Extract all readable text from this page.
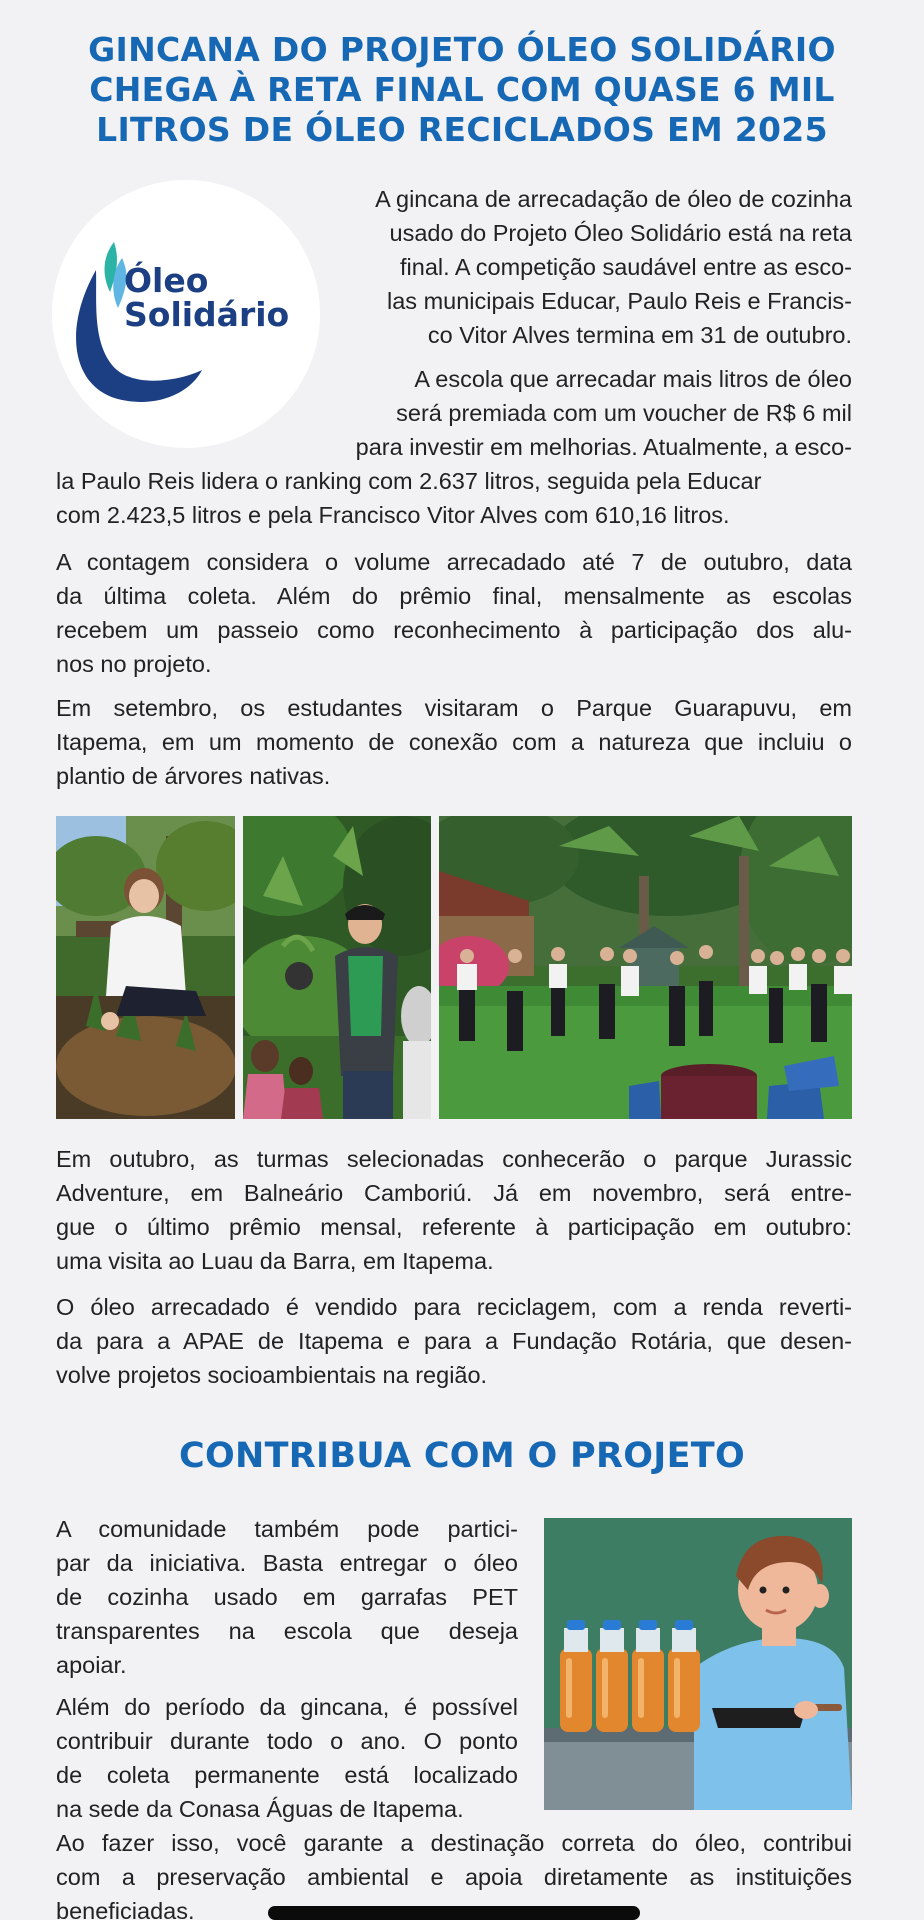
GINCANA DO PROJETO ÓLEO SOLIDÁRIO
CHEGA À RETA FINAL COM QUASE 6 MIL
LITROS DE ÓLEO RECICLADOS EM 2025
Óleo
Solidário
A gincana de arrecadação de óleo de cozinha
usado do Projeto Óleo Solidário está na reta
final. A competição saudável entre as esco-
las municipais Educar, Paulo Reis e Francis-
co Vitor Alves termina em 31 de outubro.
A escola que arrecadar mais litros de óleo
será premiada com um voucher de R$ 6 mil
para investir em melhorias. Atualmente, a esco-
la Paulo Reis lidera o ranking com 2.637 litros, seguida pela Educar
com 2.423,5 litros e pela Francisco Vitor Alves com 610,16 litros.
A contagem considera o volume arrecadado até 7 de outubro, data
da última coleta. Além do prêmio final, mensalmente as escolas
recebem um passeio como reconhecimento à participação dos alu-
nos no projeto.
Em setembro, os estudantes visitaram o Parque Guarapuvu, em
Itapema, em um momento de conexão com a natureza que incluiu o
plantio de árvores nativas.
Em outubro, as turmas selecionadas conhecerão o parque Jurassic
Adventure, em Balneário Camboriú. Já em novembro, será entre-
gue o último prêmio mensal, referente à participação em outubro:
uma visita ao Luau da Barra, em Itapema.
O óleo arrecadado é vendido para reciclagem, com a renda reverti-
da para a APAE de Itapema e para a Fundação Rotária, que desen-
volve projetos socioambientais na região.
CONTRIBUA COM O PROJETO
A comunidade também pode partici-
par da iniciativa. Basta entregar o óleo
de cozinha usado em garrafas PET
transparentes na escola que deseja
apoiar.
Além do período da gincana, é possível
contribuir durante todo o ano. O ponto
de coleta permanente está localizado
na sede da Conasa Águas de Itapema.
Ao fazer isso, você garante a destinação correta do óleo, contribui
com a preservação ambiental e apoia diretamente as instituições
beneficiadas.
